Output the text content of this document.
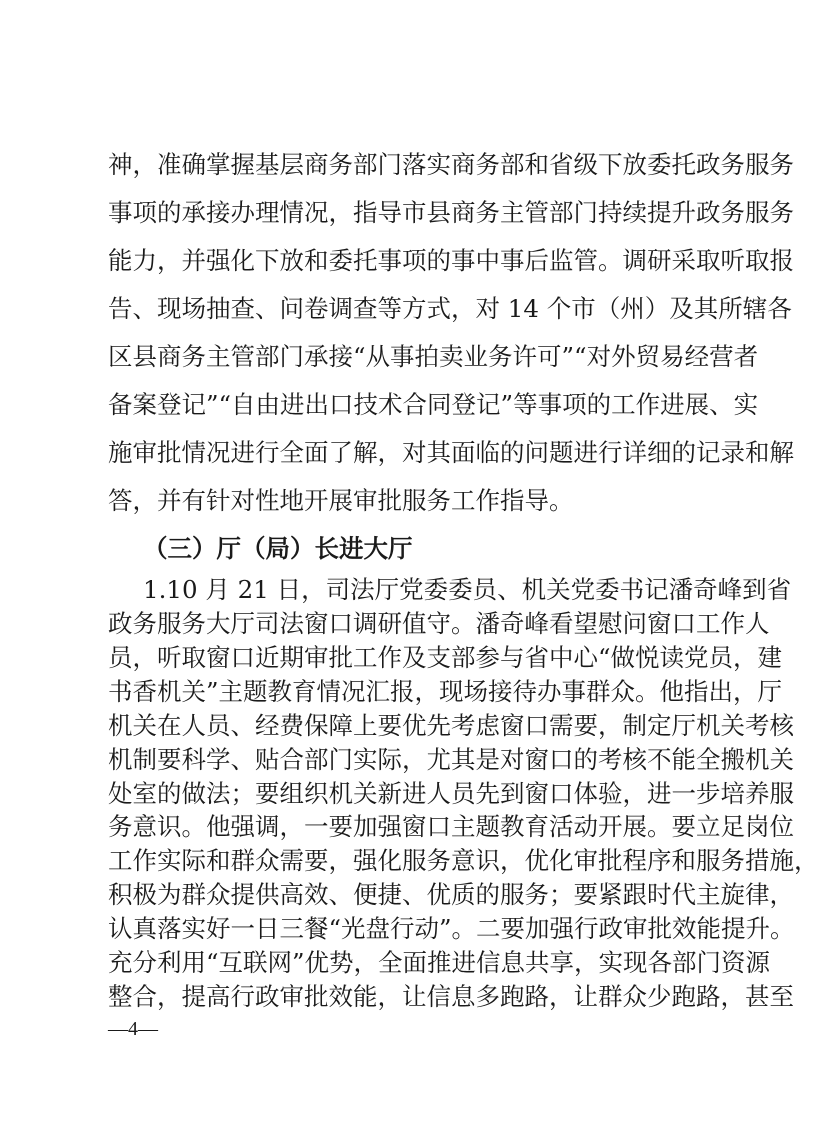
神，准确掌握基层商务部门落实商务部和省级下放委托政务服务
事项的承接办理情况，指导市县商务主管部门持续提升政务服务
能力，并强化下放和委托事项的事中事后监管。调研采取听取报
告、现场抽查、问卷调查等方式，对 14 个市（州）及其所辖各
区县商务主管部门承接“从事拍卖业务许可”“对外贸易经营者
备案登记”“自由进出口技术合同登记”等事项的工作进展、实
施审批情况进行全面了解，对其面临的问题进行详细的记录和解
答，并有针对性地开展审批服务工作指导。
（三）厅（局）长进大厅
1.10 月 21 日，司法厅党委委员、机关党委书记潘奇峰到省
政务服务大厅司法窗口调研值守。潘奇峰看望慰问窗口工作人
员，听取窗口近期审批工作及支部参与省中心“做悦读党员，建
书香机关”主题教育情况汇报，现场接待办事群众。他指出，厅
机关在人员、经费保障上要优先考虑窗口需要，制定厅机关考核
机制要科学、贴合部门实际，尤其是对窗口的考核不能全搬机关
处室的做法；要组织机关新进人员先到窗口体验，进一步培养服
务意识。他强调，一要加强窗口主题教育活动开展。要立足岗位
工作实际和群众需要，强化服务意识，优化审批程序和服务措施，
积极为群众提供高效、便捷、优质的服务；要紧跟时代主旋律，
认真落实好一日三餐“光盘行动”。二要加强行政审批效能提升。
充分利用“互联网”优势，全面推进信息共享，实现各部门资源
整合，提高行政审批效能，让信息多跑路，让群众少跑路，甚至
—4—
